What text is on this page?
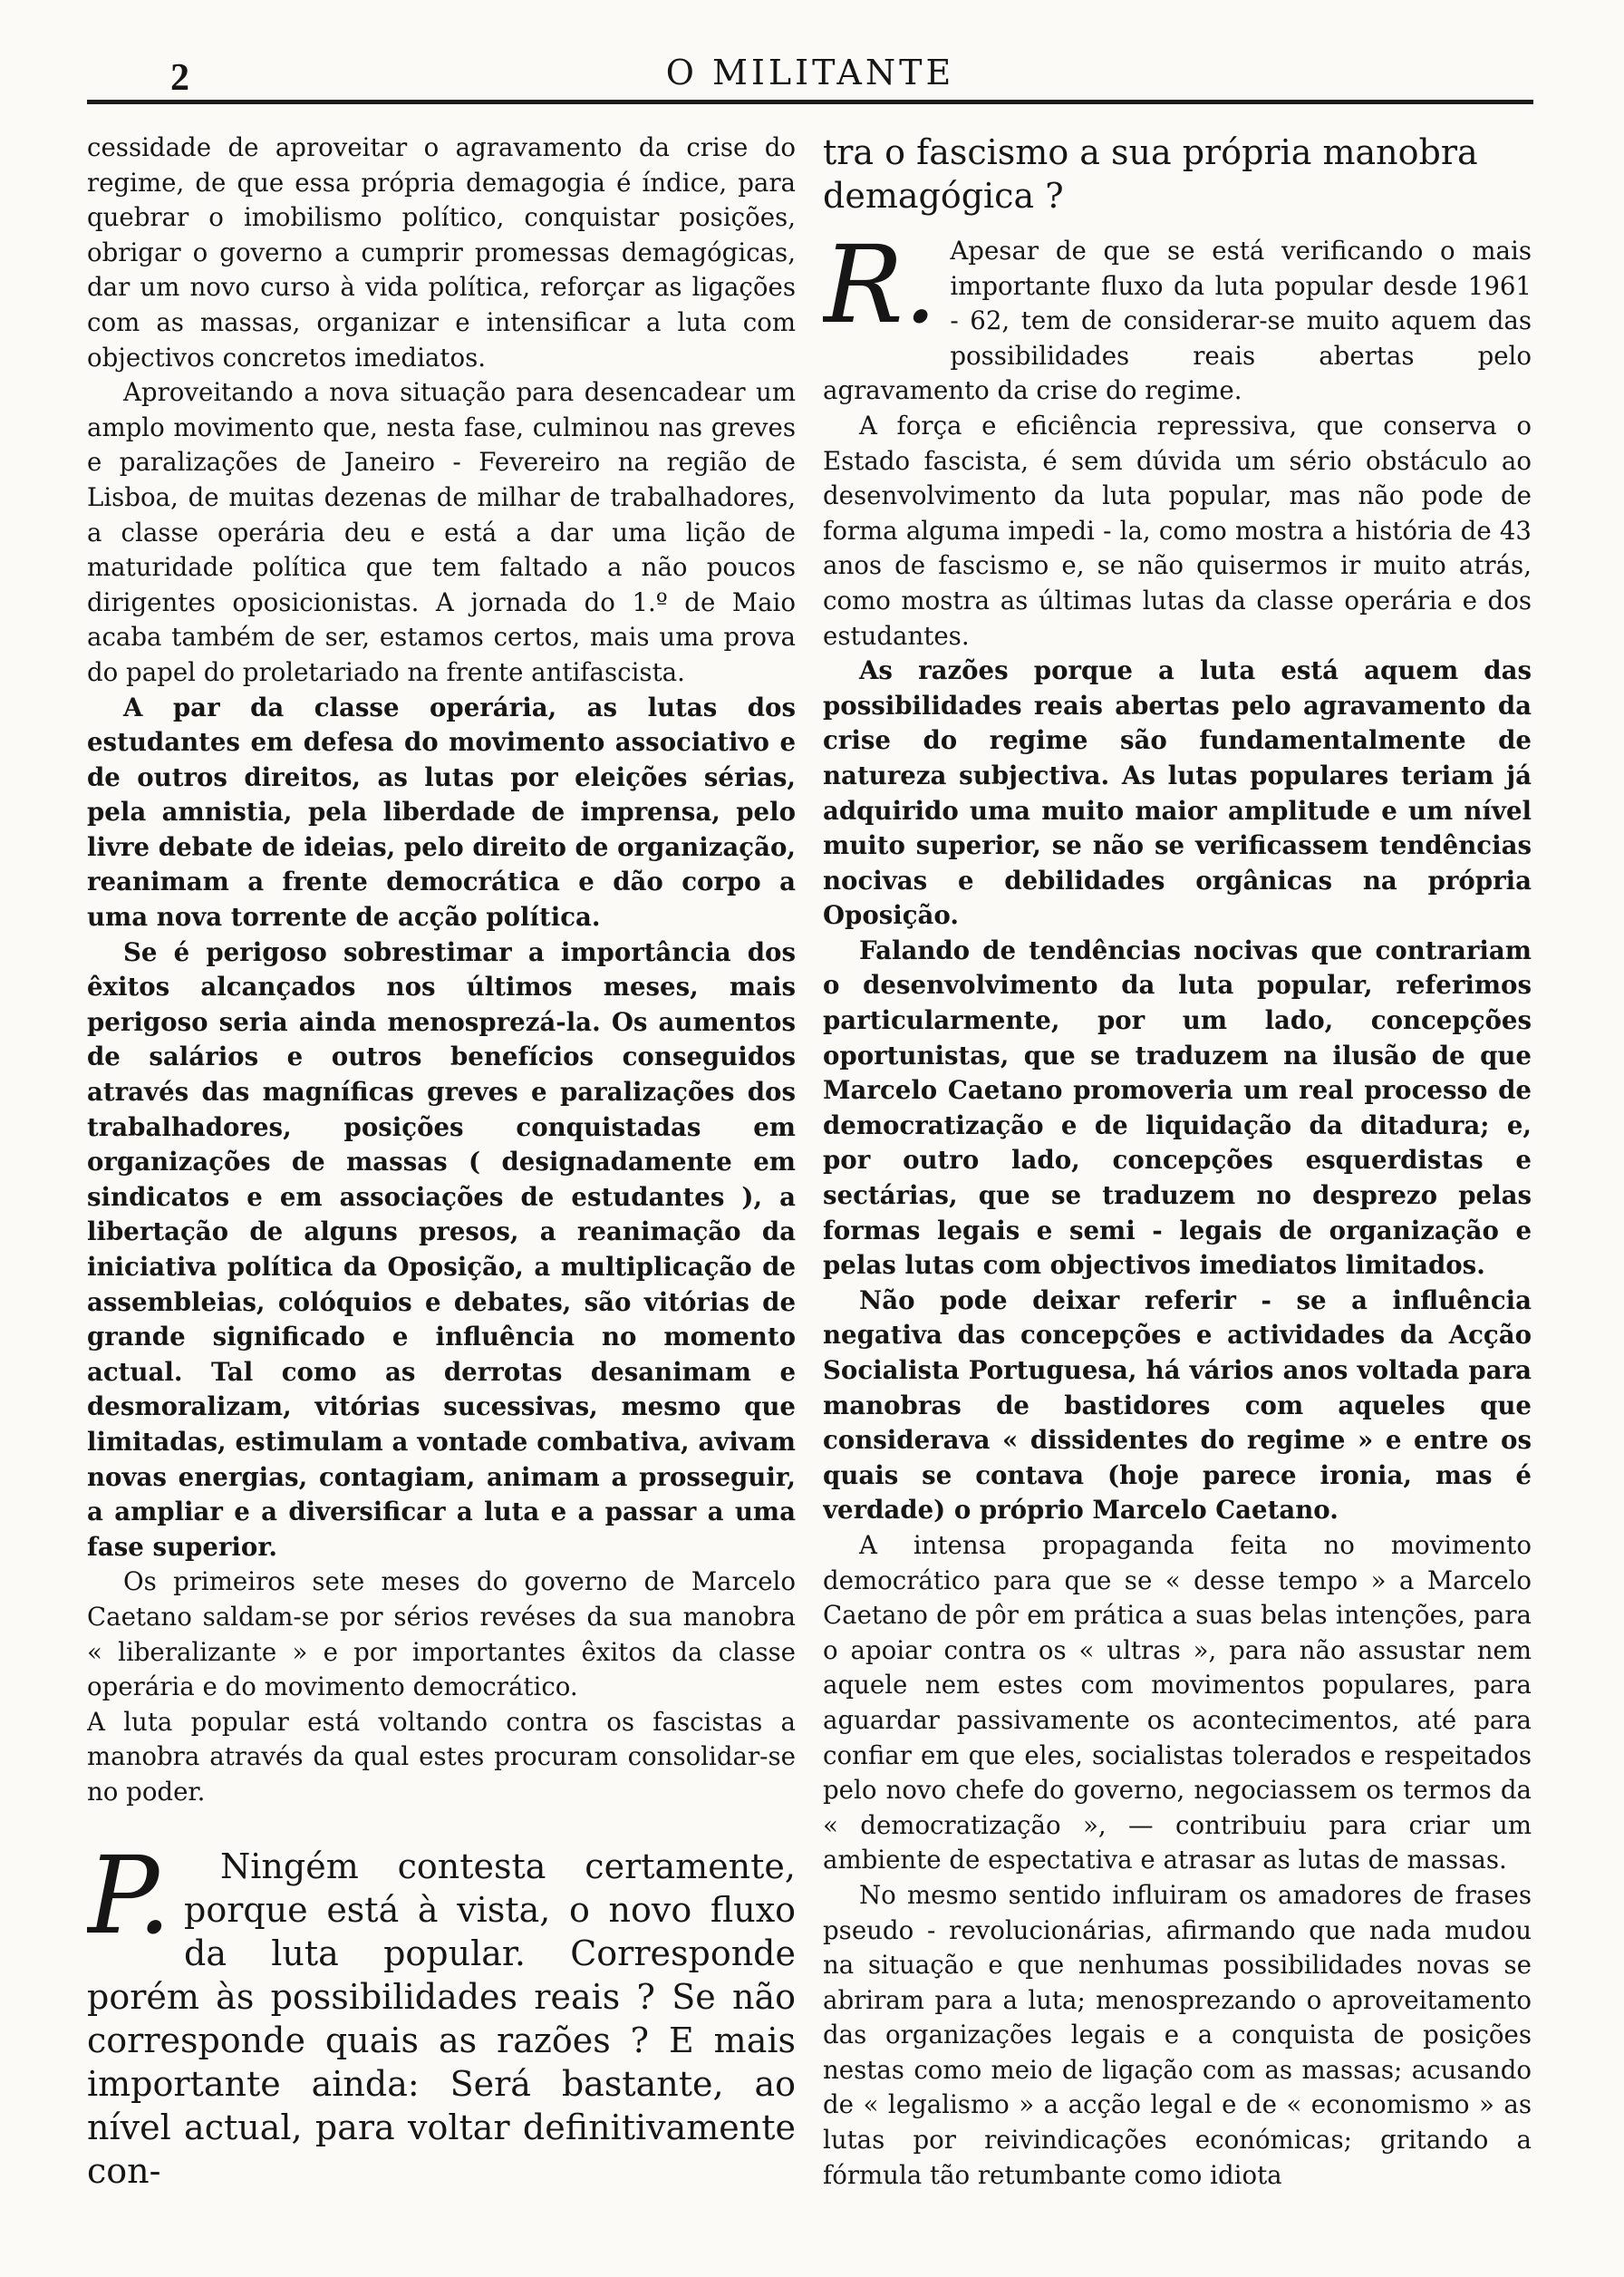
2	O MILITANTE

cessidade de aproveitar o agravamento da crise do regime, de que essa própria demagogia é índice, para quebrar o imobilismo político, conquistar posições, obrigar o governo a cumprir promessas demagógicas, dar um novo curso à vida política, reforçar as ligações com as massas, organizar e intensificar a luta com objectivos concretos imediatos.

Aproveitando a nova situação para desencadear um amplo movimento que, nesta fase, culminou nas greves e paralizações de Janeiro - Fevereiro na região de Lisboa, de muitas dezenas de milhar de trabalhadores, a classe operária deu e está a dar uma lição de maturidade política que tem faltado a não poucos dirigentes oposicionistas. A jornada do 1.º de Maio acaba também de ser, estamos certos, mais uma prova do papel do proletariado na frente antifascista.

A par da classe operária, as lutas dos estudantes em defesa do movimento associativo e de outros direitos, as lutas por eleições sérias, pela amnistia, pela liberdade de imprensa, pelo livre debate de ideias, pelo direito de organização, reanimam a frente democrática e dão corpo a uma nova torrente de acção política.

Se é perigoso sobrestimar a importância dos êxitos alcançados nos últimos meses, mais perigoso seria ainda menosprezá-la. Os aumentos de salários e outros benefícios conseguidos através das magníficas greves e paralizações dos trabalhadores, posições conquistadas em organizações de massas ( designadamente em sindicatos e em associações de estudantes ), a libertação de alguns presos, a reanimação da iniciativa política da Oposição, a multiplicação de assembleias, colóquios e debates, são vitórias de grande significado e influência no momento actual. Tal como as derrotas desanimam e desmoralizam, vitórias sucessivas, mesmo que limitadas, estimulam a vontade combativa, avivam novas energias, contagiam, animam a prosseguir, a ampliar e a diversificar a luta e a passar a uma fase superior.

Os primeiros sete meses do governo de Marcelo Caetano saldam-se por sérios revéses da sua manobra « liberalizante » e por importantes êxitos da classe operária e do movimento democrático.

A luta popular está voltando contra os fascistas a manobra através da qual estes procuram consolidar-se no poder.

P.	Ningém contesta certamente, porque está à vista, o novo fluxo da luta popular. Corresponde porém às possibilidades reais ? Se não corresponde quais as razões ? E mais importante ainda: Será bastante, ao nível actual, para voltar definitivamente con-

tra o fascismo a sua própria manobra demagógica ?

R. Apesar de que se está verificando o mais importante fluxo da luta popular desde 1961 - 62, tem de considerar-se muito aquem das possibilidades reais abertas pelo agravamento da crise do regime.

A força e eficiência repressiva, que conserva o Estado fascista, é sem dúvida um sério obstáculo ao desenvolvimento da luta popular, mas não pode de forma alguma impedi - la, como mostra a história de 43 anos de fascismo e, se não quisermos ir muito atrás, como mostra as últimas lutas da classe operária e dos estudantes.

As razões porque a luta está aquem das possibilidades reais abertas pelo agravamento da crise do regime são fundamentalmente de natureza subjectiva. As lutas populares teriam já adquirido uma muito maior amplitude e um nível muito superior, se não se verificassem tendências nocivas e debilidades orgânicas na própria Oposição.

Falando de tendências nocivas que contrariam o desenvolvimento da luta popular, referimos particularmente, por um lado, concepções oportunistas, que se traduzem na ilusão de que Marcelo Caetano promoveria um real processo de democratização e de liquidação da ditadura; e, por outro lado, concepções esquerdistas e sectárias, que se traduzem no desprezo pelas formas legais e semi - legais de organização e pelas lutas com objectivos imediatos limitados.

Não pode deixar referir - se a influência negativa das concepções e actividades da Acção Socialista Portuguesa, há vários anos voltada para manobras de bastidores com aqueles que considerava « dissidentes do regime » e entre os quais se contava (hoje parece ironia, mas é verdade) o próprio Marcelo Caetano.

A intensa propaganda feita no movimento democrático para que se « desse tempo » a Marcelo Caetano de pôr em prática a suas belas intenções, para o apoiar contra os « ultras », para não assustar nem aquele nem estes com movimentos populares, para aguardar passivamente os acontecimentos, até para confiar em que eles, socialistas tolerados e respeitados pelo novo chefe do governo, negociassem os termos da « democratização », — contribuiu para criar um ambiente de espectativa e atrasar as lutas de massas.

No mesmo sentido influiram os amadores de frases pseudo - revolucionárias, afirmando que nada mudou na situação e que nenhumas possibilidades novas se abriram para a luta; menosprezando o aproveitamento das organizações legais e a conquista de posições nestas como meio de ligação com as massas; acusando de « legalismo » a acção legal e de « economismo » as lutas por reivindicações económicas; gritando a fórmula tão retumbante como idiota
